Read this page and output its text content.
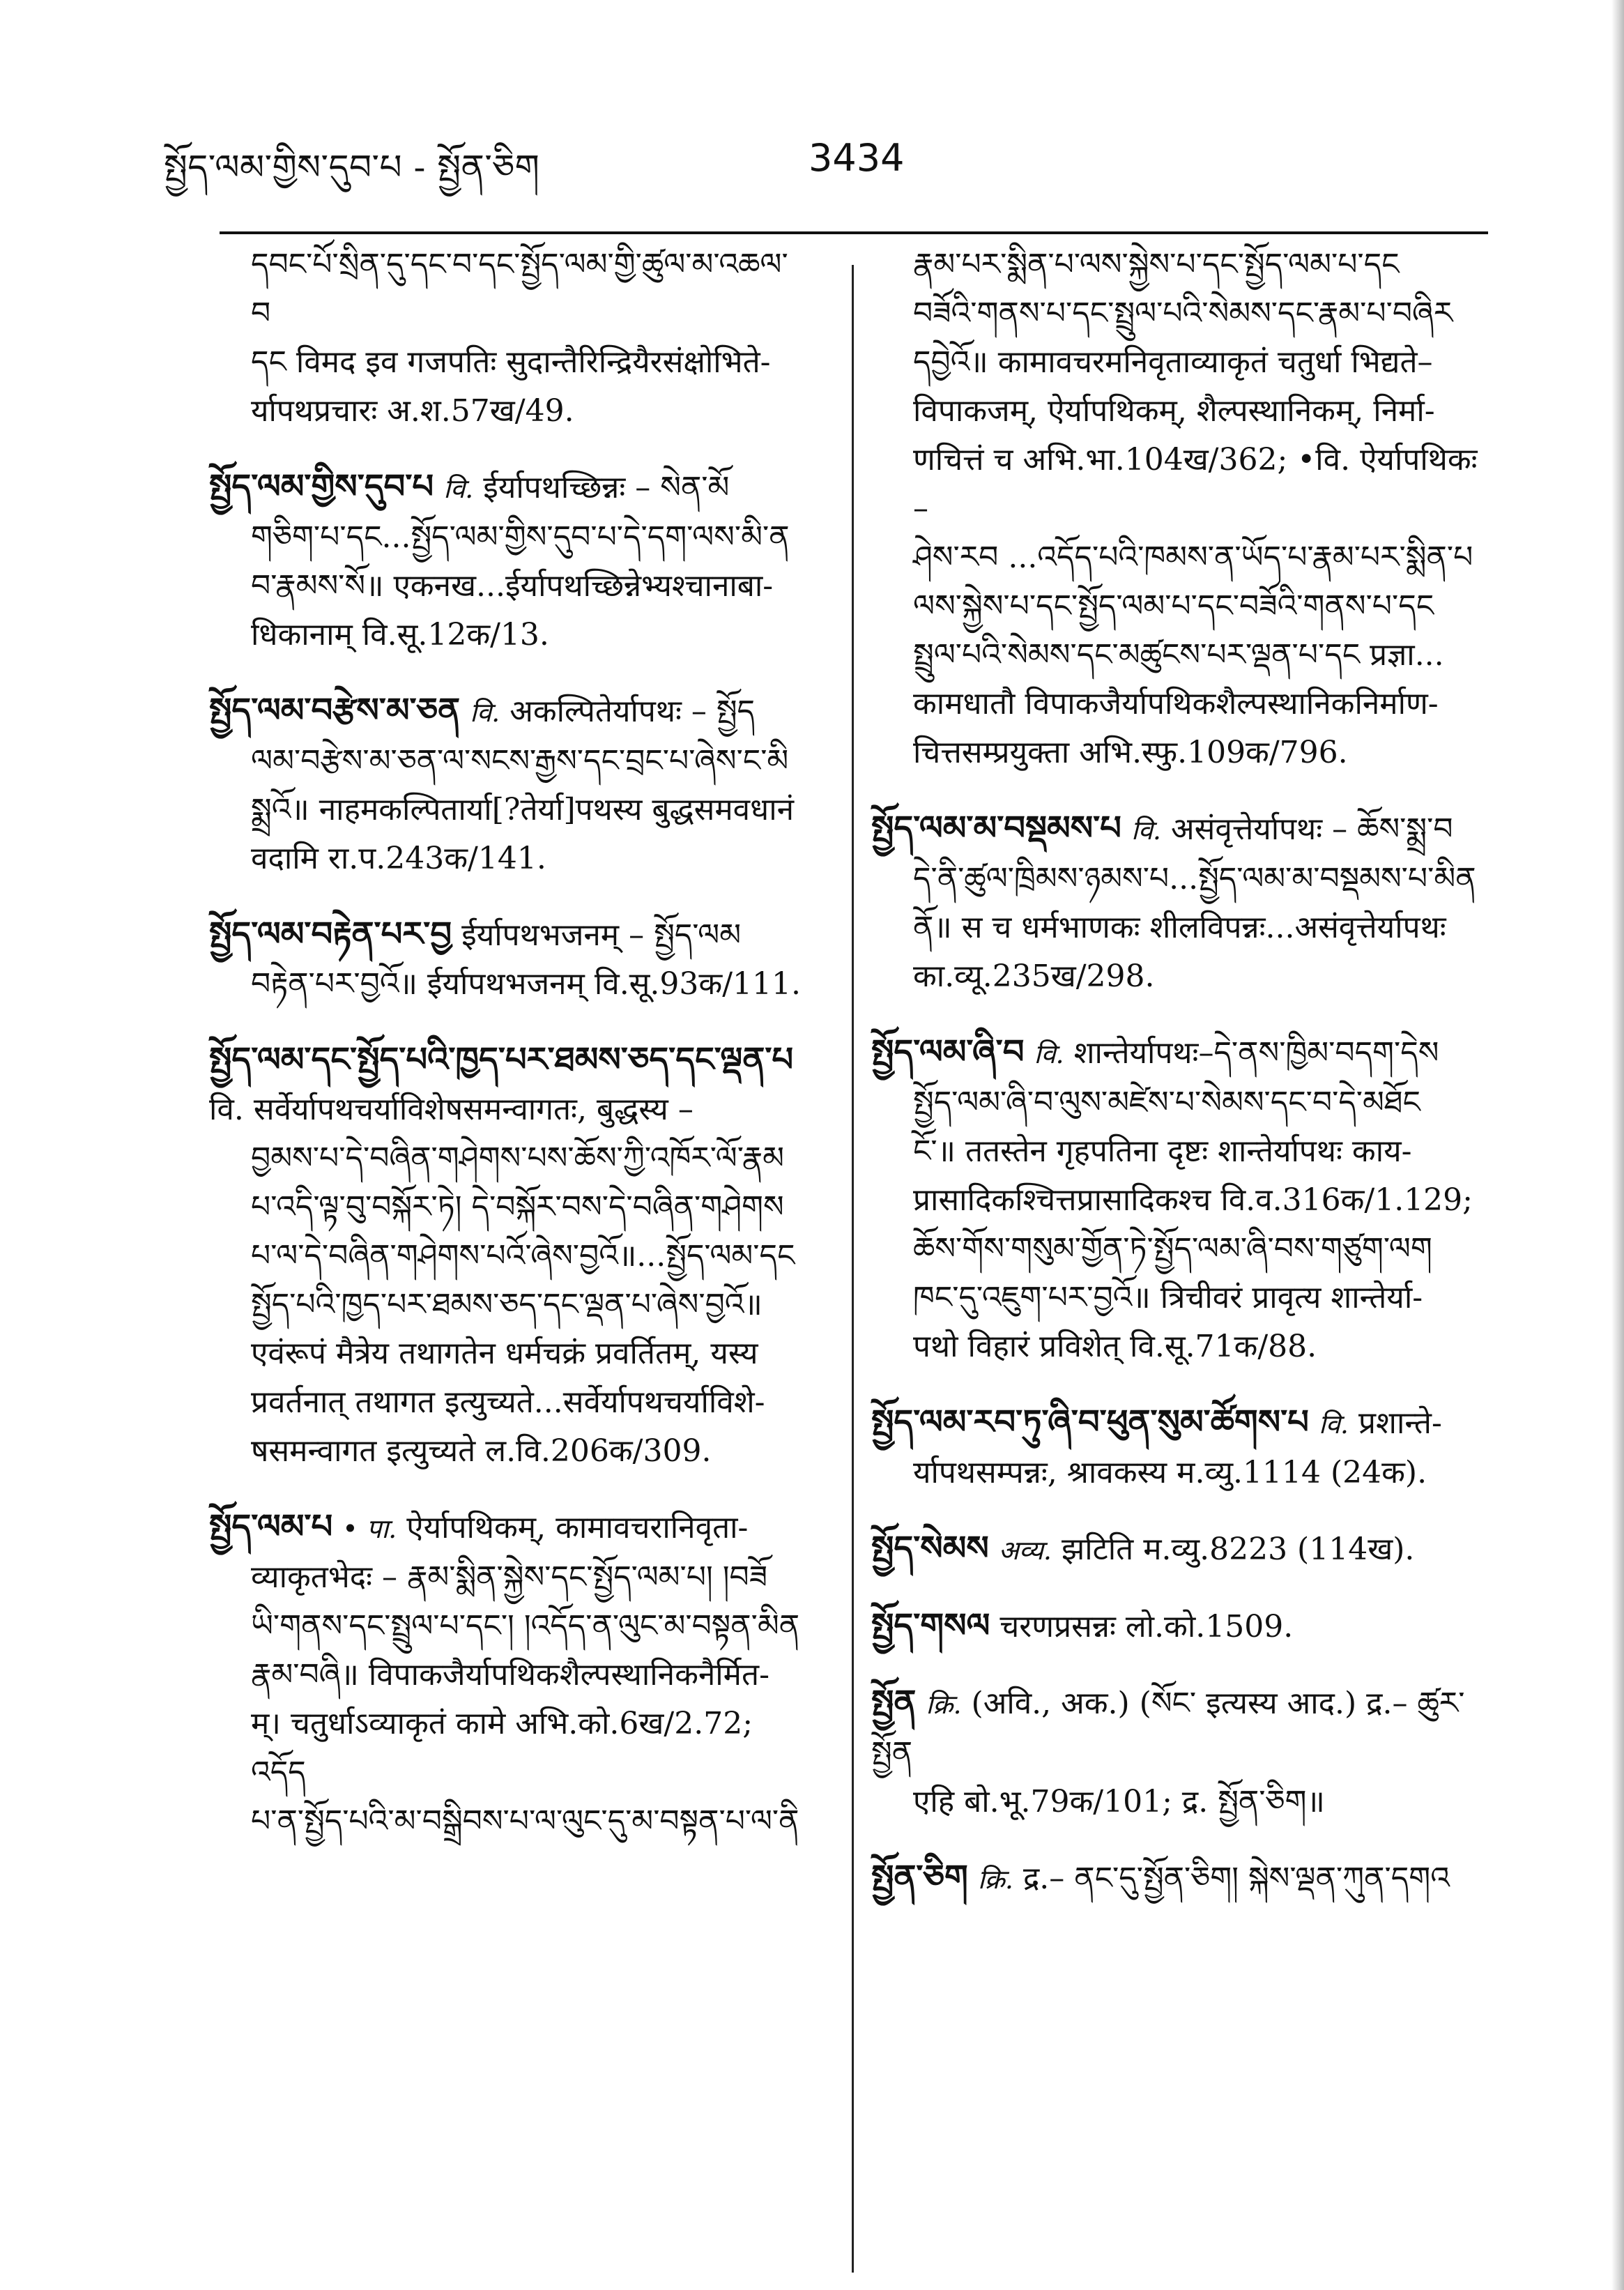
སྤྱོད་ལམ་གྱིས་དུབ་པ - སྤྱོན་ཅིག	3434

དབང་པོ་སྲིན་དུ་དང་བ་དང་སྤྱོད་ལམ་གྱི་ཚུལ་མ་འཆལ་བ

དང विमद इव गजपतिः सुदान्तैरिन्द्रियैरसंक्षोभिते-

र्यापथप्रचारः अ.श.57ख/49.

སྤྱོད་ལམ་གྱིས་དུབ་པ वि. ईर्यापथच्छिन्नः – སེན་མོ

གཅིག་པ་དང...སྤྱོད་ལམ་གྱིས་དུབ་པ་དེ་དག་ལས་མི་ན

བ་རྣམས་སོ॥ एकनख...ईर्यापथच्छिन्नेभ्यश्चानाबा-

धिकानाम् वि.सू.12क/13.

སྤྱོད་ལམ་བརྩེས་མ་ཅན वि. अकल्पितेर्यापथः – སྤྱོད

ལམ་བརྩེས་མ་ཅན་ལ་སངས་རྒྱས་དང་བྲང་པ་ཞེས་ང་མི

སྨྲའོ॥ नाहमकल्पितार्या[?तेर्या]पथस्य बुद्धसमवधानं

वदामि रा.प.243क/141.

སྤྱོད་ལམ་བརྟེན་པར་བྱ ईर्यापथभजनम् – སྤྱོད་ལམ

བརྟེན་པར་བྱའོ॥ ईर्यापथभजनम् वि.सू.93क/111.

སྤྱོད་ལམ་དང་སྤྱོད་པའི་ཁྱད་པར་ཐམས་ཅད་དང་ལྡན་པ वि. सर्वेर्यापथचर्याविशेषसमन्वागतः, बुद्धस्य –

བྱམས་པ་དེ་བཞིན་གཤེགས་པས་ཆོས་ཀྱི་འཁོར་ལོ་རྣམ

པ་འདི་ལྟ་བུ་བསྐོར་ཏེ། དེ་བསྐོར་བས་དེ་བཞིན་གཤེགས

པ་ལ་དེ་བཞིན་གཤེགས་པའོ་ཞེས་བྱའོ॥...སྤྱོད་ལམ་དང

སྤྱོད་པའི་ཁྱད་པར་ཐམས་ཅད་དང་ལྡན་པ་ཞེས་བྱའོ॥

एवंरूपं मैत्रेय तथागतेन धर्मचक्रं प्रवर्तितम्, यस्य

प्रवर्तनात् तथागत इत्युच्यते...सर्वेर्यापथचर्याविशे-

षसमन्वागत इत्युच्यते ल.वि.206क/309.

སྤྱོད་ལམ་པ • पा. ऐर्यापथिकम्, कामावचरानिवृता-

व्याकृतभेदः – རྣམ་སྨིན་སྐྱེས་དང་སྤྱོད་ལམ་པ། །བཟོ

ཡི་གནས་དང་སྤྲུལ་པ་དང་། །འདོད་ན་ལུང་མ་བསྟན་མིན

རྣམ་བཞི॥ विपाकजैर्यापथिकशैल्पस्थानिकनैर्मित-

म्। चतुर्धाऽव्याकृतं कामे अभि.को.6ख/2.72; འདོད

པ་ན་སྤྱོད་པའི་མ་བསྒྲིབས་པ་ལ་ལུང་དུ་མ་བསྟན་པ་ལ་ནི

རྣམ་པར་སྨིན་པ་ལས་སྐྱེས་པ་དང་སྤྱོད་ལམ་པ་དང

བཟོའི་གནས་པ་དང་སྤྲུལ་པའི་སེམས་དང་རྣམ་པ་བཞིར

དབྱེའོ॥ कामावचरमनिवृताव्याकृतं चतुर्धा भिद्यते–

विपाकजम्, ऐर्यापथिकम्, शैल्पस्थानिकम्, निर्मा-

णचित्तं च अभि.भा.104ख/362; •वि. ऐर्यापथिकः –

ཤེས་རབ ...འདོད་པའི་ཁམས་ན་ཡོད་པ་རྣམ་པར་སྨིན་པ

ལས་སྐྱེས་པ་དང་སྤྱོད་ལམ་པ་དང་བཟོའི་གནས་པ་དང

སྤྲུལ་པའི་སེམས་དང་མཚུངས་པར་ལྡན་པ་དང प्रज्ञा...

कामधातौ विपाकजैर्यापथिकशैल्पस्थानिकनिर्माण-

चित्तसम्प्रयुक्ता अभि.स्फु.109क/796.

སྤྱོད་ལམ་མ་བསྡམས་པ वि. असंवृत्तेर्यापथः – ཆོས་སྨྲ་བ

དེ་ནི་ཚུལ་ཁྲིམས་ཉམས་པ...སྤྱོད་ལམ་མ་བསྡམས་པ་མིན

ནོ॥ स च धर्मभाणकः शीलविपन्नः...असंवृत्तेर्यापथः

का.व्यू.235ख/298.

སྤྱོད་ལམ་ཞི་བ वि. शान्तेर्यापथः–དེ་ནས་ཁྱིམ་བདག་དེས

སྤྱོད་ལམ་ཞི་བ་ལུས་མཛེས་པ་སེམས་དང་བ་དེ་མཐོང

ངོ་॥ ततस्तेन गृहपतिना दृष्टः शान्तेर्यापथः काय-

प्रासादिकश्चित्तप्रासादिकश्च वि.व.316क/1.129;

ཆོས་གོས་གསུམ་གྱོན་ཏེ་སྤྱོད་ལམ་ཞི་བས་གཙུག་ལག

ཁང་དུ་འཇུག་པར་བྱའོ॥ त्रिचीवरं प्रावृत्य शान्तेर्या-

पथो विहारं प्रविशेत् वि.सू.71क/88.

སྤྱོད་ལམ་རབ་ཏུ་ཞི་བ་ཕུན་སུམ་ཚོགས་པ वि. प्रशान्ते-

र्यापथसम्पन्नः, श्रावकस्य म.व्यु.1114 (24क).

སྤྱོད་སེམས अव्य. झटिति म.व्यु.8223 (114ख).

སྤྱོད་གསལ चरणप्रसन्नः लो.को.1509.

སྤྱོན क्रि. (अवि., अक.) (སོང་ इत्यस्य आद.) द्र.– ཚུར་སྤྱོན

एहि बो.भू.79क/101; द्र. སྤྱོན་ཅིག॥

སྤྱོན་ཅིག क्रि. द्र.– ནང་དུ་སྤྱོན་ཅིག། སྐེས་ལྡན་ཀུན་དགའ
